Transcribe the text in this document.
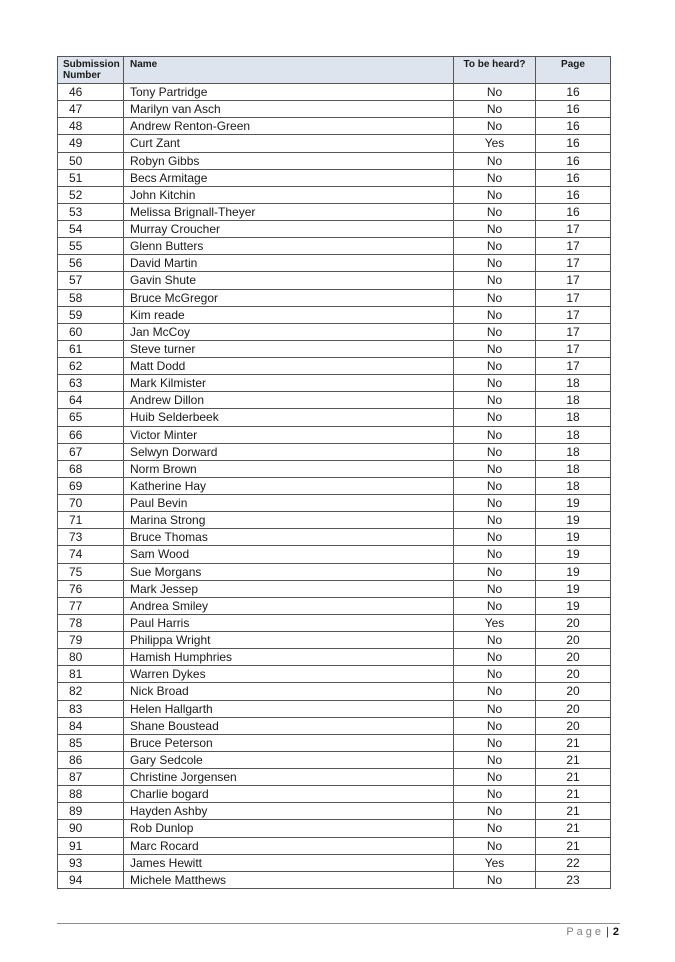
Submission Number	Name	To be heard?	Page
46	Tony Partridge	No	16
47	Marilyn van Asch	No	16
48	Andrew Renton-Green	No	16
49	Curt Zant	Yes	16
50	Robyn Gibbs	No	16
51	Becs Armitage	No	16
52	John Kitchin	No	16
53	Melissa Brignall-Theyer	No	16
54	Murray Croucher	No	17
55	Glenn Butters	No	17
56	David Martin	No	17
57	Gavin Shute	No	17
58	Bruce McGregor	No	17
59	Kim reade	No	17
60	Jan McCoy	No	17
61	Steve turner	No	17
62	Matt Dodd	No	17
63	Mark Kilmister	No	18
64	Andrew Dillon	No	18
65	Huib Selderbeek	No	18
66	Victor Minter	No	18
67	Selwyn Dorward	No	18
68	Norm Brown	No	18
69	Katherine Hay	No	18
70	Paul Bevin	No	19
71	Marina Strong	No	19
73	Bruce Thomas	No	19
74	Sam Wood	No	19
75	Sue Morgans	No	19
76	Mark Jessep	No	19
77	Andrea Smiley	No	19
78	Paul Harris	Yes	20
79	Philippa Wright	No	20
80	Hamish Humphries	No	20
81	Warren Dykes	No	20
82	Nick Broad	No	20
83	Helen Hallgarth	No	20
84	Shane Boustead	No	20
85	Bruce Peterson	No	21
86	Gary Sedcole	No	21
87	Christine Jorgensen	No	21
88	Charlie bogard	No	21
89	Hayden Ashby	No	21
90	Rob Dunlop	No	21
91	Marc Rocard	No	21
93	James Hewitt	Yes	22
94	Michele Matthews	No	23
Page | 2
